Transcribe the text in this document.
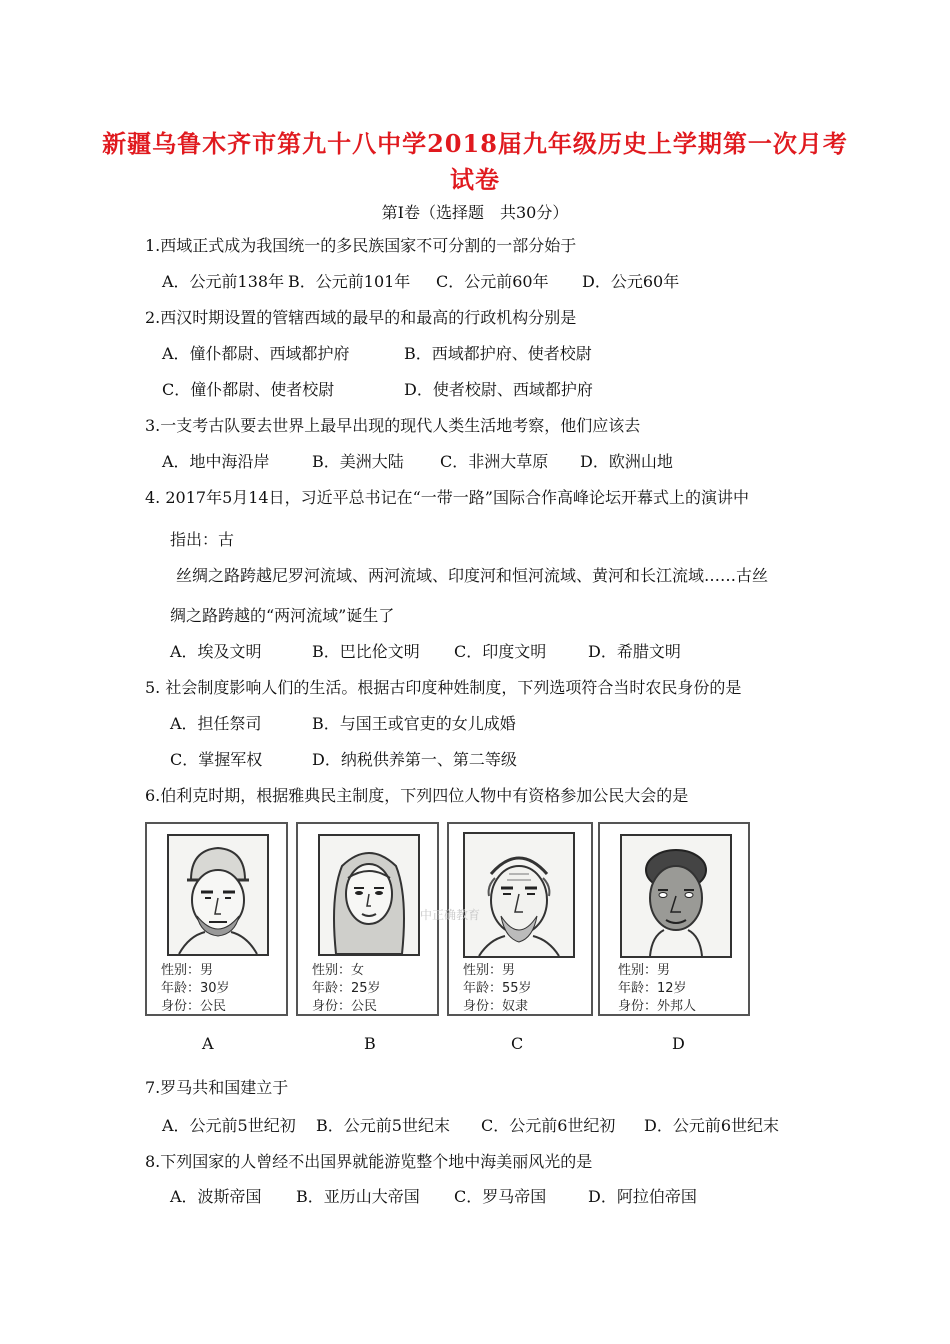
新疆乌鲁木齐市第九十八中学2018届九年级历史上学期第一次月考
试卷
第Ⅰ卷（选择题　共30分）
1.西域正式成为我国统一的多民族国家不可分割的一部分始于
A．公元前138年 B．公元前101年 C．公元前60年 D．公元60年
2.西汉时期设置的管辖西域的最早的和最高的行政机构分别是
A．僮仆都尉、西域都护府	B．西域都护府、使者校尉
C．僮仆都尉、使者校尉	D．使者校尉、西域都护府
3.一支考古队要去世界上最早出现的现代人类生活地考察，他们应该去
A．地中海沿岸	B．美洲大陆 C．非洲大草原 D．欧洲山地
4. 2017年5月14日，习近平总书记在“一带一路”国际合作高峰论坛开幕式上的演讲中
指出：古
丝绸之路跨越尼罗河流域、两河流域、印度河和恒河流域、黄河和长江流域……古丝
绸之路跨越的“两河流域”诞生了
A．埃及文明	B．巴比伦文明 C．印度文明	D．希腊文明
5. 社会制度影响人们的生活。根据古印度种姓制度，下列选项符合当时农民身份的是
A．担任祭司	B．与国王或官吏的女儿成婚
C．掌握军权	D．纳税供养第一、第二等级
6.伯利克时期，根据雅典民主制度，下列四位人物中有资格参加公民大会的是
性别：男
年龄：30岁
身份：公民
性别：女
年龄：25岁
身份：公民
性别：男
年龄：55岁
身份：奴隶
性别：男
年龄：12岁
身份：外邦人
中正确教育
A	B	C	D
7.罗马共和国建立于
A．公元前5世纪初 B．公元前5世纪末 C．公元前6世纪初 D．公元前6世纪末
8.下列国家的人曾经不出国界就能游览整个地中海美丽风光的是
A．波斯帝国 B．亚历山大帝国 C．罗马帝国	D．阿拉伯帝国
